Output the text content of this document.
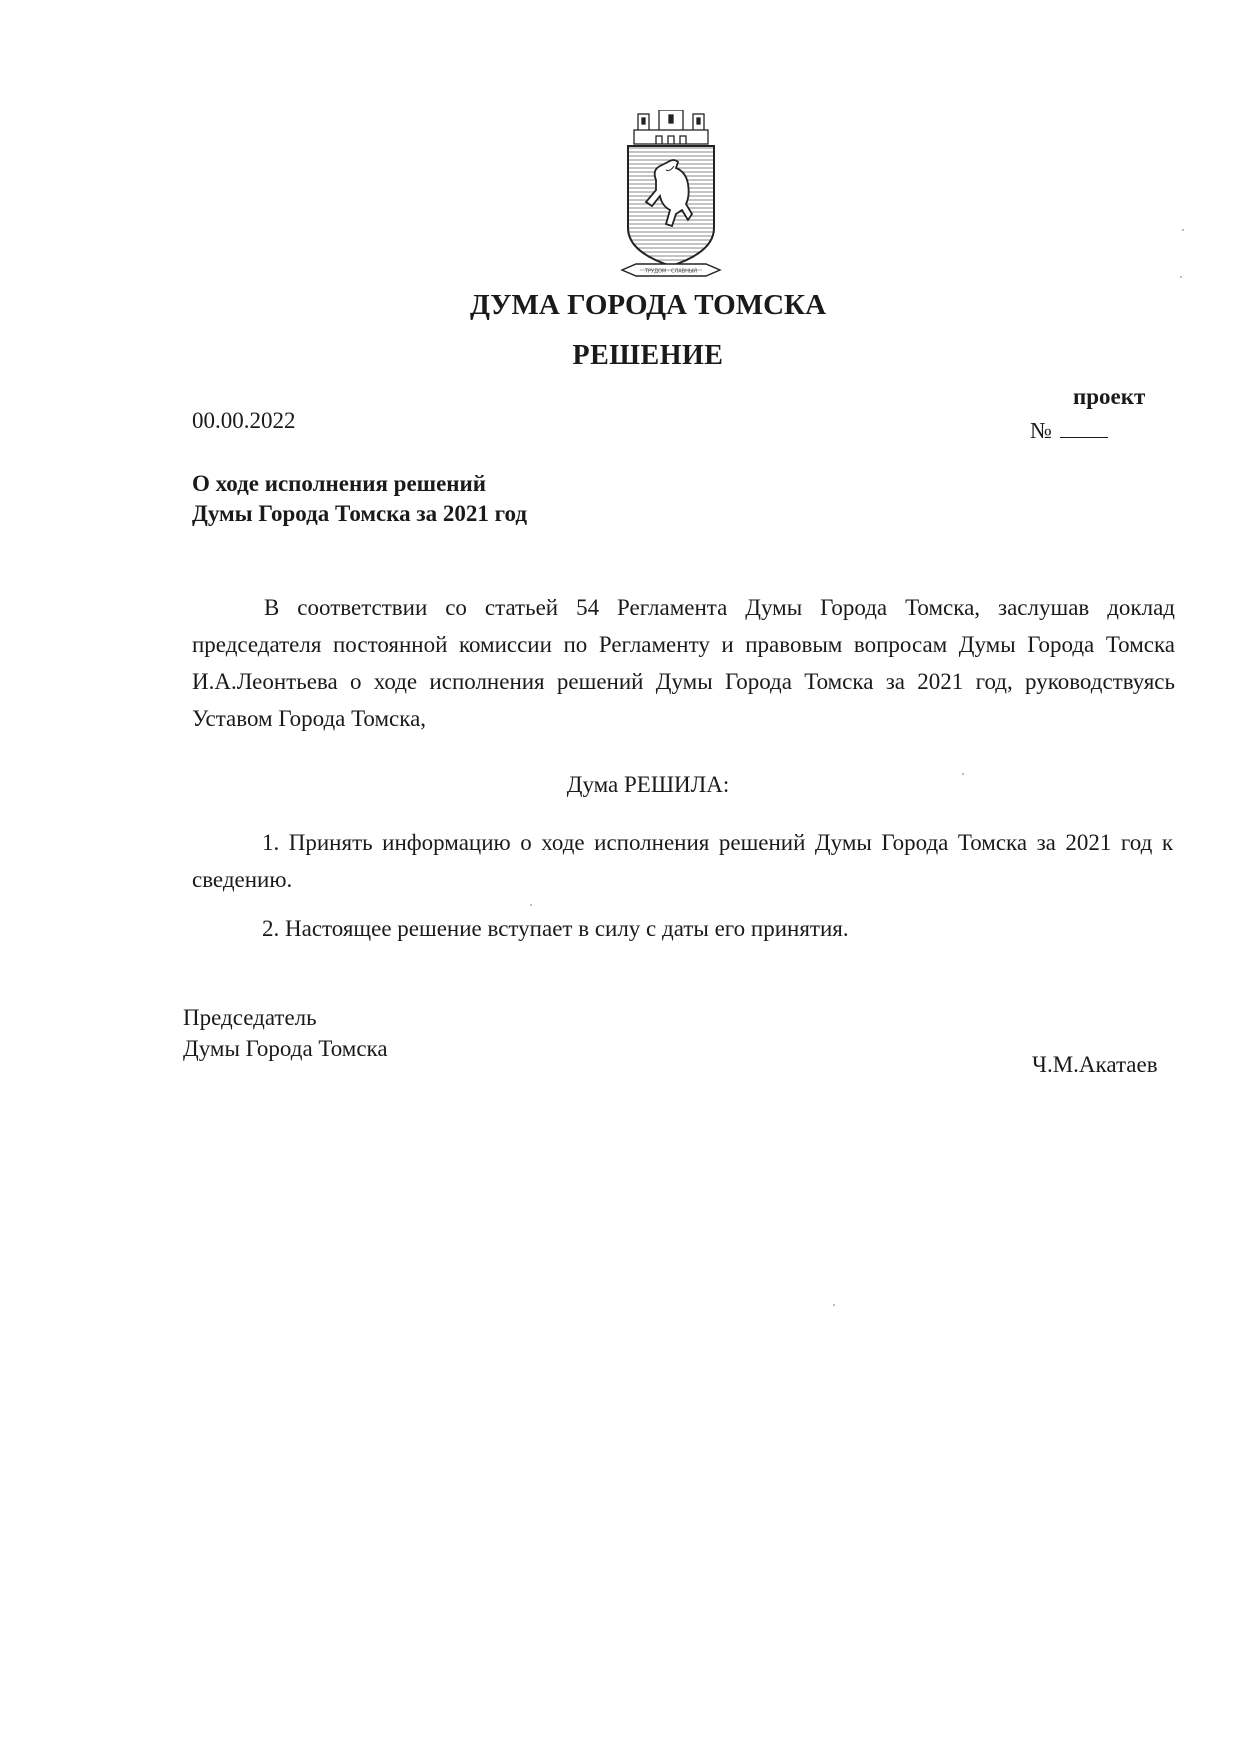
ТРУДОМ · СЛАВНЫЙ
ДУМА ГОРОДА ТОМСКА
РЕШЕНИЕ
проект
00.00.2022	№
О ходе исполнения решений
Думы Города Томска за 2021 год
В соответствии со статьей 54 Регламента Думы Города Томска, заслушав доклад председателя постоянной комиссии по Регламенту и правовым вопросам Думы Города Томска И.А.Леонтьева о ходе исполнения решений Думы Города Томска за 2021 год, руководствуясь Уставом Города Томска,
Дума РЕШИЛА:
1. Принять информацию о ходе исполнения решений Думы Города Томска за 2021 год к сведению.
2. Настоящее решение вступает в силу с даты его принятия.
Председатель
Думы Города Томска
Ч.М.Акатаев
